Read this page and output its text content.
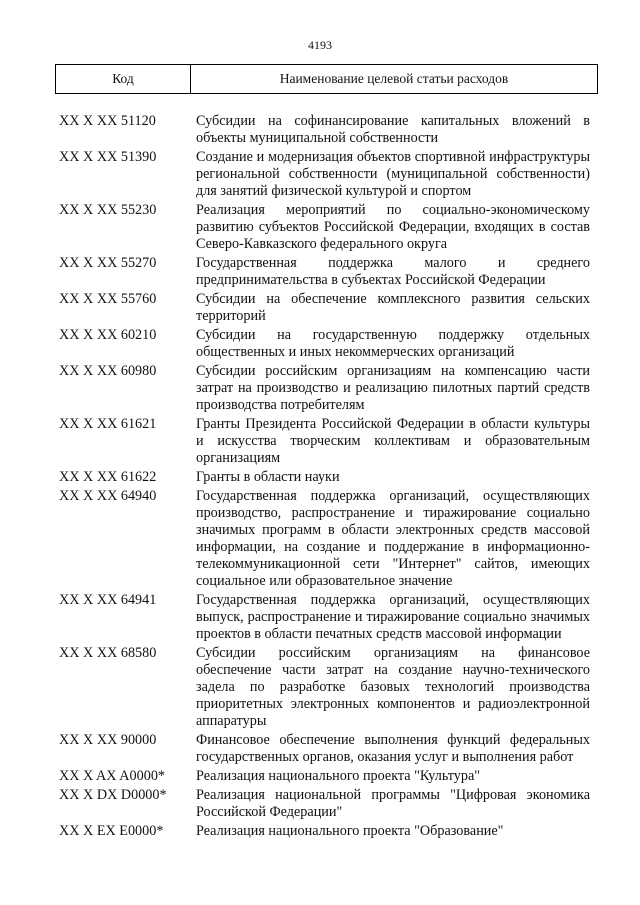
4193
Код	Наименование целевой статьи расходов
XX X XX 51120	Субсидии на софинансирование капитальных вложений в объекты муниципальной собственности
XX X XX 51390	Создание и модернизация объектов спортивной инфраструктуры региональной собственности (муниципальной собственности) для занятий физической культурой и спортом
XX X XX 55230	Реализация мероприятий по социально-экономическому развитию субъектов Российской Федерации, входящих в состав Северо-Кавказского федерального округа
XX X XX 55270	Государственная поддержка малого и среднего предпринимательства в субъектах Российской Федерации
XX X XX 55760	Субсидии на обеспечение комплексного развития сельских территорий
XX X XX 60210	Субсидии на государственную поддержку отдельных общественных и иных некоммерческих организаций
XX X XX 60980	Субсидии российским организациям на компенсацию части затрат на производство и реализацию пилотных партий средств производства потребителям
XX X XX 61621	Гранты Президента Российской Федерации в области культуры и искусства творческим коллективам и образовательным организациям
XX X XX 61622	Гранты в области науки
XX X XX 64940	Государственная поддержка организаций, осуществляющих производство, распространение и тиражирование социально значимых программ в области электронных средств массовой информации, на создание и поддержание в информационно-телекоммуникационной сети "Интернет" сайтов, имеющих социальное или образовательное значение
XX X XX 64941	Государственная поддержка организаций, осуществляющих выпуск, распространение и тиражирование социально значимых проектов в области печатных средств массовой информации
XX X XX 68580	Субсидии российским организациям на финансовое обеспечение части затрат на создание научно-технического задела по разработке базовых технологий производства приоритетных электронных компонентов и радиоэлектронной аппаратуры
XX X XX 90000	Финансовое обеспечение выполнения функций федеральных государственных органов, оказания услуг и выполнения работ
XX X AX A0000*	Реализация национального проекта "Культура"
XX X DX D0000*	Реализация национальной программы "Цифровая экономика Российской Федерации"
XX X EX E0000*	Реализация национального проекта "Образование"
